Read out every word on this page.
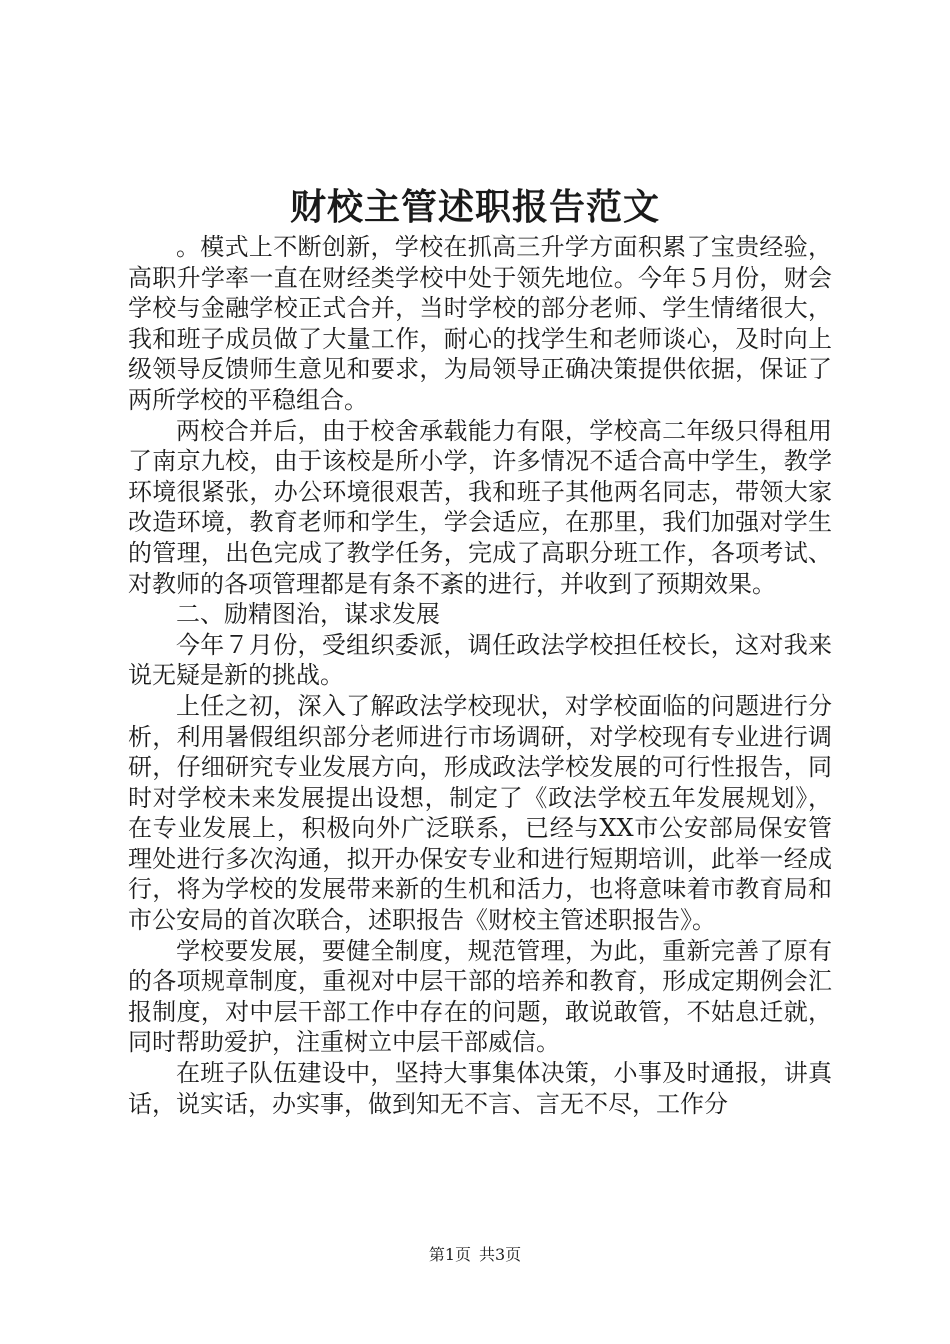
财校主管述职报告范文

。模式上不断创新，学校在抓高三升学方面积累了宝贵经验，高职升学率一直在财经类学校中处于领先地位。今年５月份，财会学校与金融学校正式合并，当时学校的部分老师、学生情绪很大，我和班子成员做了大量工作，耐心的找学生和老师谈心，及时向上级领导反馈师生意见和要求，为局领导正确决策提供依据，保证了两所学校的平稳组合。

两校合并后，由于校舍承载能力有限，学校高二年级只得租用了南京九校，由于该校是所小学，许多情况不适合高中学生，教学环境很紧张，办公环境很艰苦，我和班子其他两名同志，带领大家改造环境，教育老师和学生，学会适应，在那里，我们加强对学生的管理，出色完成了教学任务，完成了高职分班工作，各项考试、对教师的各项管理都是有条不紊的进行，并收到了预期效果。

二、励精图治，谋求发展

今年７月份，受组织委派，调任政法学校担任校长，这对我来说无疑是新的挑战。

上任之初，深入了解政法学校现状，对学校面临的问题进行分析，利用暑假组织部分老师进行市场调研，对学校现有专业进行调研，仔细研究专业发展方向，形成政法学校发展的可行性报告，同时对学校未来发展提出设想，制定了《政法学校五年发展规划》，在专业发展上，积极向外广泛联系，已经与XX市公安部局保安管理处进行多次沟通，拟开办保安专业和进行短期培训，此举一经成行，将为学校的发展带来新的生机和活力，也将意味着市教育局和市公安局的首次联合，述职报告《财校主管述职报告》。

学校要发展，要健全制度，规范管理，为此，重新完善了原有的各项规章制度，重视对中层干部的培养和教育，形成定期例会汇报制度，对中层干部工作中存在的问题，敢说敢管，不姑息迁就，同时帮助爱护，注重树立中层干部威信。

在班子队伍建设中，坚持大事集体决策，小事及时通报，讲真话，说实话，办实事，做到知无不言、言无不尽，工作分

第1页 共3页
